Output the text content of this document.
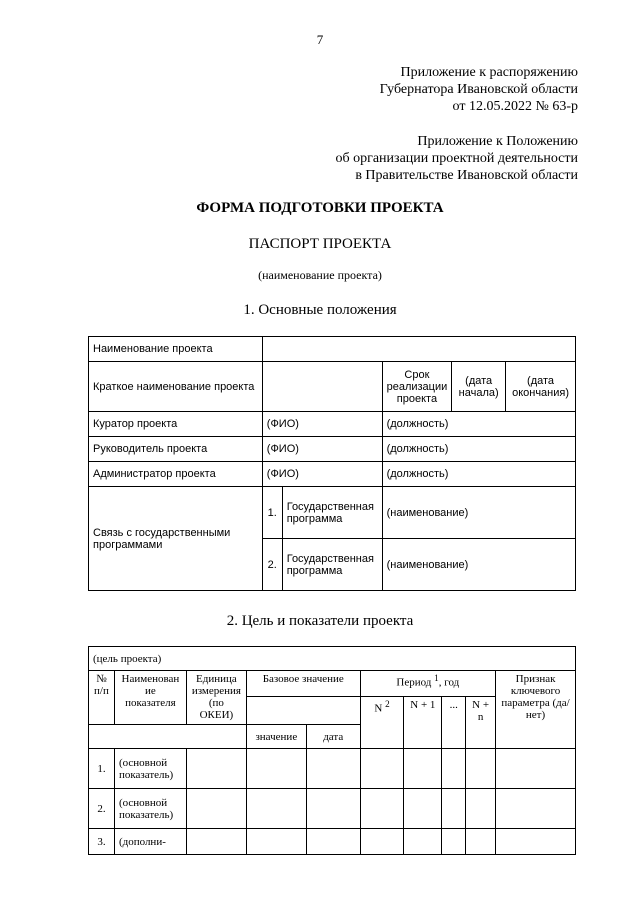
7
Приложение к распоряжению
Губернатора Ивановской области
от 12.05.2022 № 63-р
Приложение к Положению
об организации проектной деятельности
в Правительстве Ивановской области
ФОРМА ПОДГОТОВКИ ПРОЕКТА
ПАСПОРТ ПРОЕКТА
(наименование проекта)
1. Основные положения
Наименование проекта					
Краткое наименование проекта			Срок реализации проекта	(дата начала)	(дата окончания)
Куратор проекта	(ФИО)		(должность)		
Руководитель проекта	(ФИО)		(должность)		
Администратор проекта	(ФИО)		(должность)		
Связь с государственными программами	1.	Государственная программа	(наименование)		
	2.	Государственная программа	(наименование)		
2. Цель и показатели проекта
(цель проекта)									
№ п/п	Наименован ие показателя	Единица измерения (по ОКЕИ)	Базовое значение		Период $^1$, год				Признак ключевого параметра (да/нет)
					N $^2$	N + 1	...	N + n	
			значение	дата					
1.	(основной показатель)								
2.	(основной показатель)								
3.	(дополни-								
